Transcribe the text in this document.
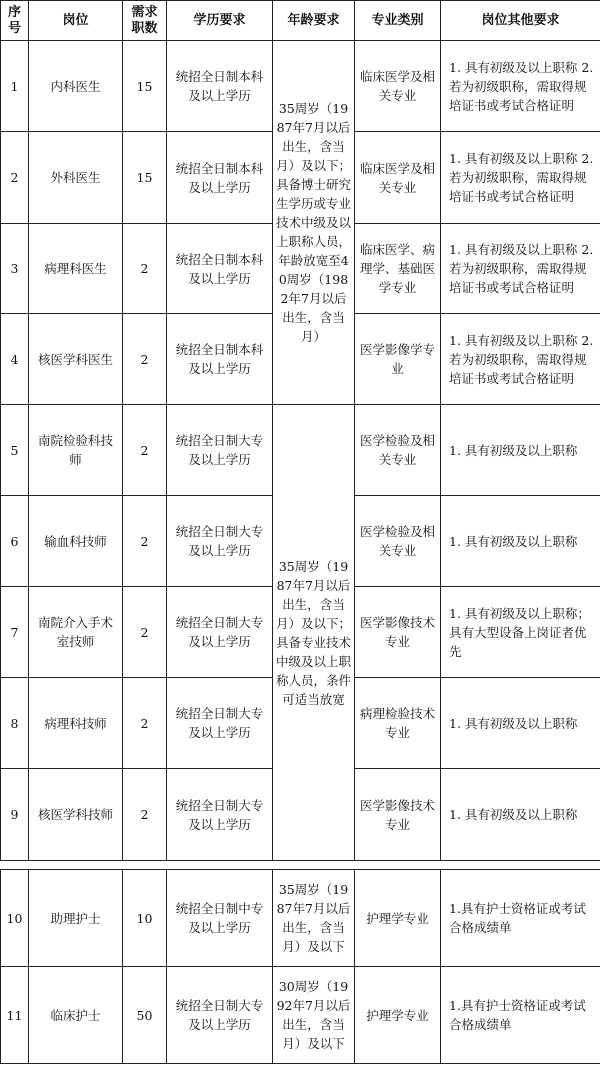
序号	岗位	需求职数	学历要求	年龄要求	专业类别	岗位其他要求
1	内科医生	15	统招全日制本科及以上学历	35周岁（1987年7月以后出生，含当月）及以下；具备博士研究生学历或专业技术中级及以上职称人员，年龄放宽至40周岁（1982年7月以后出生，含当月）	临床医学及相关专业	1. 具有初级及以上职称 2. 若为初级职称，需取得规培证书或考试合格证明
2	外科医生	15	统招全日制本科及以上学历		临床医学及相关专业	1. 具有初级及以上职称 2. 若为初级职称，需取得规培证书或考试合格证明
3	病理科医生	2	统招全日制本科及以上学历		临床医学、病理学、基础医学专业	1. 具有初级及以上职称 2. 若为初级职称，需取得规培证书或考试合格证明
4	核医学科医生	2	统招全日制本科及以上学历		医学影像学专业	1. 具有初级及以上职称 2. 若为初级职称，需取得规培证书或考试合格证明
5	南院检验科技师	2	统招全日制大专及以上学历	35周岁（1987年7月以后出生，含当月）及以下；具备专业技术中级及以上职称人员，条件可适当放宽	医学检验及相关专业	1. 具有初级及以上职称
6	输血科技师	2	统招全日制大专及以上学历		医学检验及相关专业	1. 具有初级及以上职称
7	南院介入手术室技师	2	统招全日制大专及以上学历		医学影像技术专业	1. 具有初级及以上职称；具有大型设备上岗证者优先
8	病理科技师	2	统招全日制大专及以上学历		病理检验技术专业	1. 具有初级及以上职称
9	核医学科技师	2	统招全日制大专及以上学历		医学影像技术专业	1. 具有初级及以上职称
10	助理护士	10	统招全日制中专及以上学历	35周岁（1987年7月以后出生，含当月）及以下	护理学专业	1.具有护士资格证或考试合格成绩单
11	临床护士	50	统招全日制大专及以上学历	30周岁（1992年7月以后出生，含当月）及以下	护理学专业	1.具有护士资格证或考试合格成绩单
